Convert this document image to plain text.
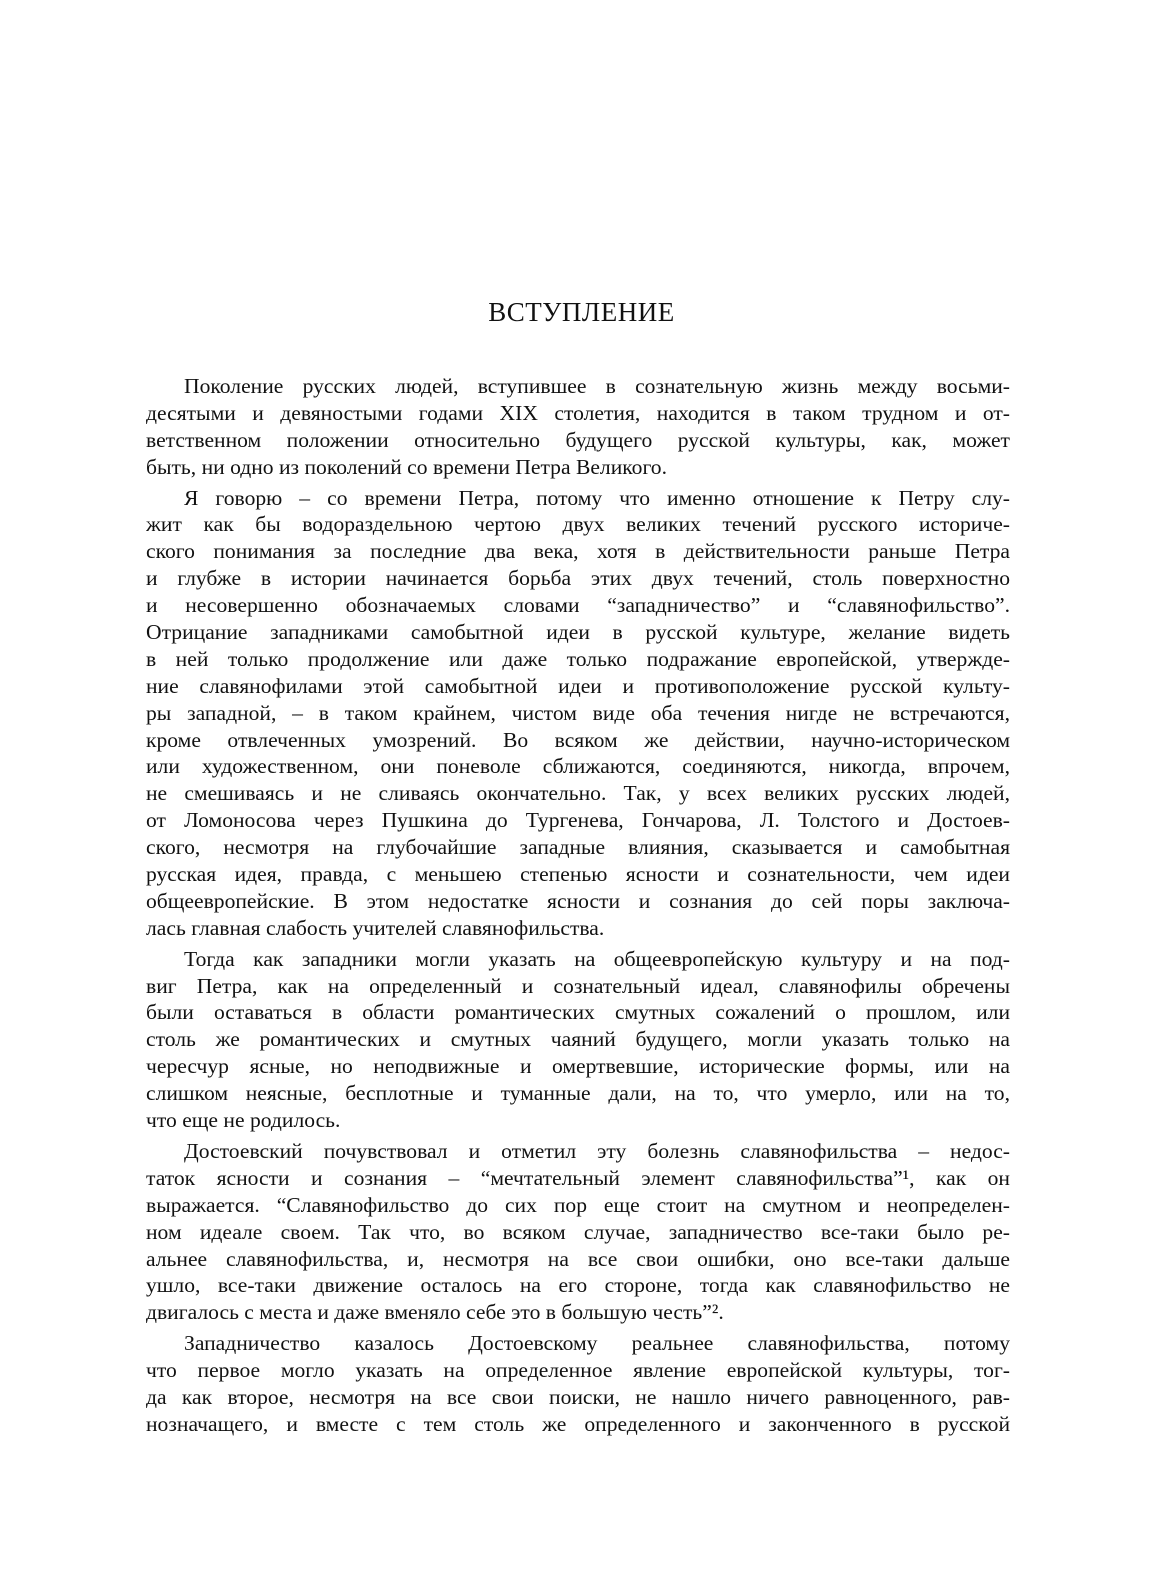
ВСТУПЛЕНИЕ
Поколение русских людей, вступившее в сознательную жизнь между восьми-
десятыми и девяностыми годами XIX столетия, находится в таком трудном и от-
ветственном положении относительно будущего русской культуры, как, может
быть, ни одно из поколений со времени Петра Великого.
Я говорю – со времени Петра, потому что именно отношение к Петру слу-
жит как бы водораздельною чертою двух великих течений русского историче-
ского понимания за последние два века, хотя в действительности раньше Петра
и глубже в истории начинается борьба этих двух течений, столь поверхностно
и несовершенно обозначаемых словами “западничество” и “славянофильство”.
Отрицание западниками самобытной идеи в русской культуре, желание видеть
в ней только продолжение или даже только подражание европейской, утвержде-
ние славянофилами этой самобытной идеи и противоположение русской культу-
ры западной, – в таком крайнем, чистом виде оба течения нигде не встречаются,
кроме отвлеченных умозрений. Во всяком же действии, научно-историческом
или художественном, они поневоле сближаются, соединяются, никогда, впрочем,
не смешиваясь и не сливаясь окончательно. Так, у всех великих русских людей,
от Ломоносова через Пушкина до Тургенева, Гончарова, Л. Толстого и Достоев-
ского, несмотря на глубочайшие западные влияния, сказывается и самобытная
русская идея, правда, с меньшею степенью ясности и сознательности, чем идеи
общеевропейские. В этом недостатке ясности и сознания до сей поры заключа-
лась главная слабость учителей славянофильства.
Тогда как западники могли указать на общеевропейскую культуру и на под-
виг Петра, как на определенный и сознательный идеал, славянофилы обречены
были оставаться в области романтических смутных сожалений о прошлом, или
столь же романтических и смутных чаяний будущего, могли указать только на
чересчур ясные, но неподвижные и омертвевшие, исторические формы, или на
слишком неясные, бесплотные и туманные дали, на то, что умерло, или на то,
что еще не родилось.
Достоевский почувствовал и отметил эту болезнь славянофильства – недос-
таток ясности и сознания – “мечтательный элемент славянофильства”¹, как он
выражается. “Славянофильство до сих пор еще стоит на смутном и неопределен-
ном идеале своем. Так что, во всяком случае, западничество все-таки было ре-
альнее славянофильства, и, несмотря на все свои ошибки, оно все-таки дальше
ушло, все-таки движение осталось на его стороне, тогда как славянофильство не
двигалось с места и даже вменяло себе это в большую честь”².
Западничество казалось Достоевскому реальнее славянофильства, потому
что первое могло указать на определенное явление европейской культуры, тог-
да как второе, несмотря на все свои поиски, не нашло ничего равноценного, рав-
нозначащего, и вместе с тем столь же определенного и законченного в русской
